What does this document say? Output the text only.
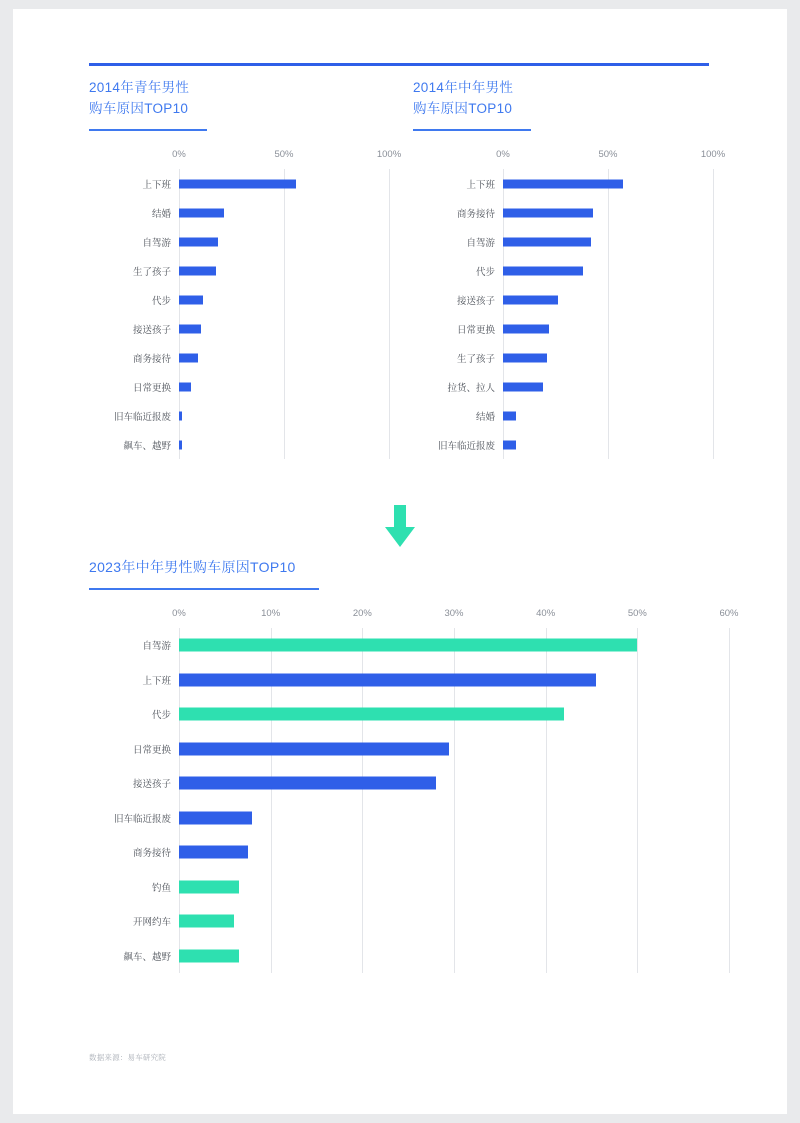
2014年青年男性
购车原因TOP10
0%	50%	100%
上下班
结婚
自驾游
生了孩子
代步
接送孩子
商务接待
日常更换
旧车临近报废
飙车、越野
2014年中年男性
购车原因TOP10
0%	50%	100%
上下班
商务接待
自驾游
代步
接送孩子
日常更换
生了孩子
拉货、拉人
结婚
旧车临近报废
2023年中年男性购车原因TOP10
0%	10%	20%	30%	40%	50%	60%
自驾游
上下班
代步
日常更换
接送孩子
旧车临近报废
商务接待
钓鱼
开网约车
飙车、越野
数据来源：易车研究院
